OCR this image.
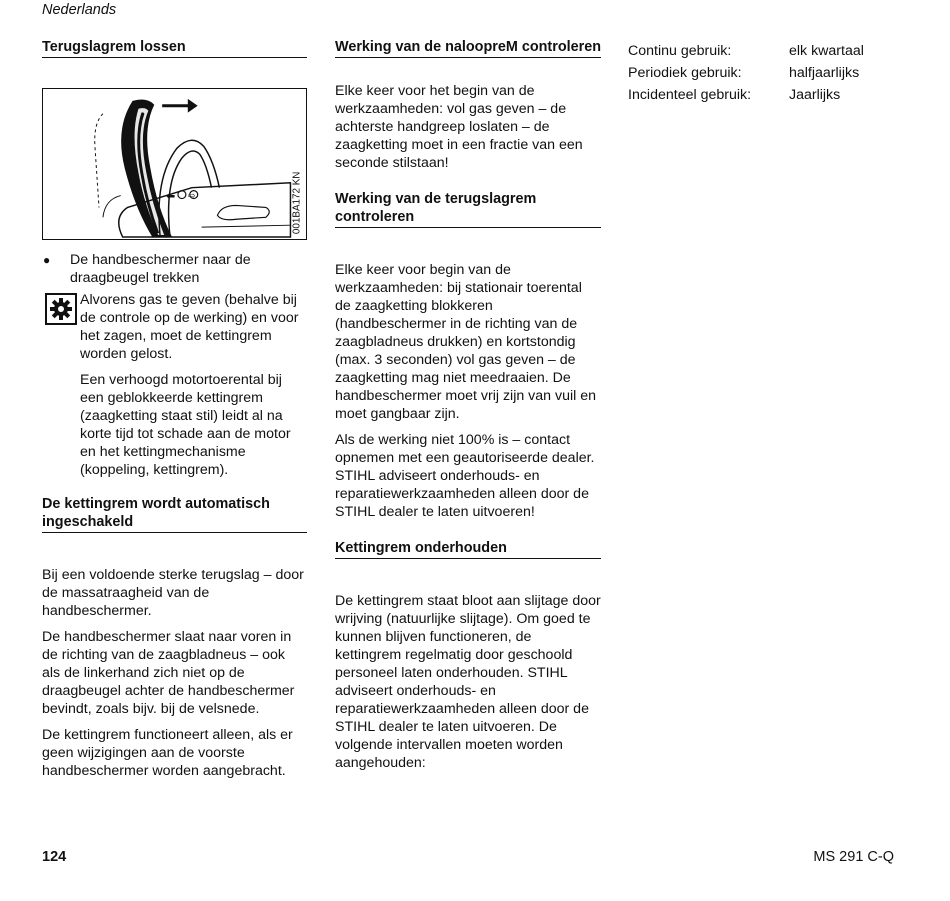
Nederlands
Terugslagrem lossen
⬅ ⇨	001BA172 KN
●	De handbeschermer naar de draagbeugel trekken

Alvorens gas te geven (behalve bij de controle op de werking) en voor het zagen, moet de kettingrem worden gelost.

Een verhoogd motortoerental bij een geblokkeerde kettingrem (zaagketting staat stil) leidt al na korte tijd tot schade aan de motor en het kettingmechanisme (koppeling, kettingrem).

De kettingrem wordt automatisch ingeschakeld

Bij een voldoende sterke terugslag – door de massatraagheid van de handbeschermer.

De handbeschermer slaat naar voren in de richting van de zaagbladneus – ook als de linkerhand zich niet op de draagbeugel achter de handbeschermer bevindt, zoals bijv. bij de velsnede.

De kettingrem functioneert alleen, als er geen wijzigingen aan de voorste handbeschermer worden aangebracht.

Werking van de naloopreM controleren

Elke keer voor het begin van de werkzaamheden: vol gas geven – de achterste handgreep loslaten – de zaagketting moet in een fractie van een seconde stilstaan!

Werking van de terugslagrem controleren

Elke keer voor begin van de werkzaamheden: bij stationair toerental de zaagketting blokkeren (handbeschermer in de richting van de zaagbladneus drukken) en kortstondig (max. 3 seconden) vol gas geven – de zaagketting mag niet meedraaien. De handbeschermer moet vrij zijn van vuil en moet gangbaar zijn.

Als de werking niet 100% is – contact opnemen met een geautoriseerde dealer. STIHL adviseert onderhouds- en reparatiewerkzaamheden alleen door de STIHL dealer te laten uitvoeren!

Kettingrem onderhouden

De kettingrem staat bloot aan slijtage door wrijving (natuurlijke slijtage). Om goed te kunnen blijven functioneren, de kettingrem regelmatig door geschoold personeel laten onderhouden. STIHL adviseert onderhouds- en reparatiewerkzaamheden alleen door de STIHL dealer te laten uitvoeren. De volgende intervallen moeten worden aangehouden:

Continu gebruik:	elk kwartaal
Periodiek gebruik:	halfjaarlijks
Incidenteel gebruik:	Jaarlijks
124	MS 291 C-Q
